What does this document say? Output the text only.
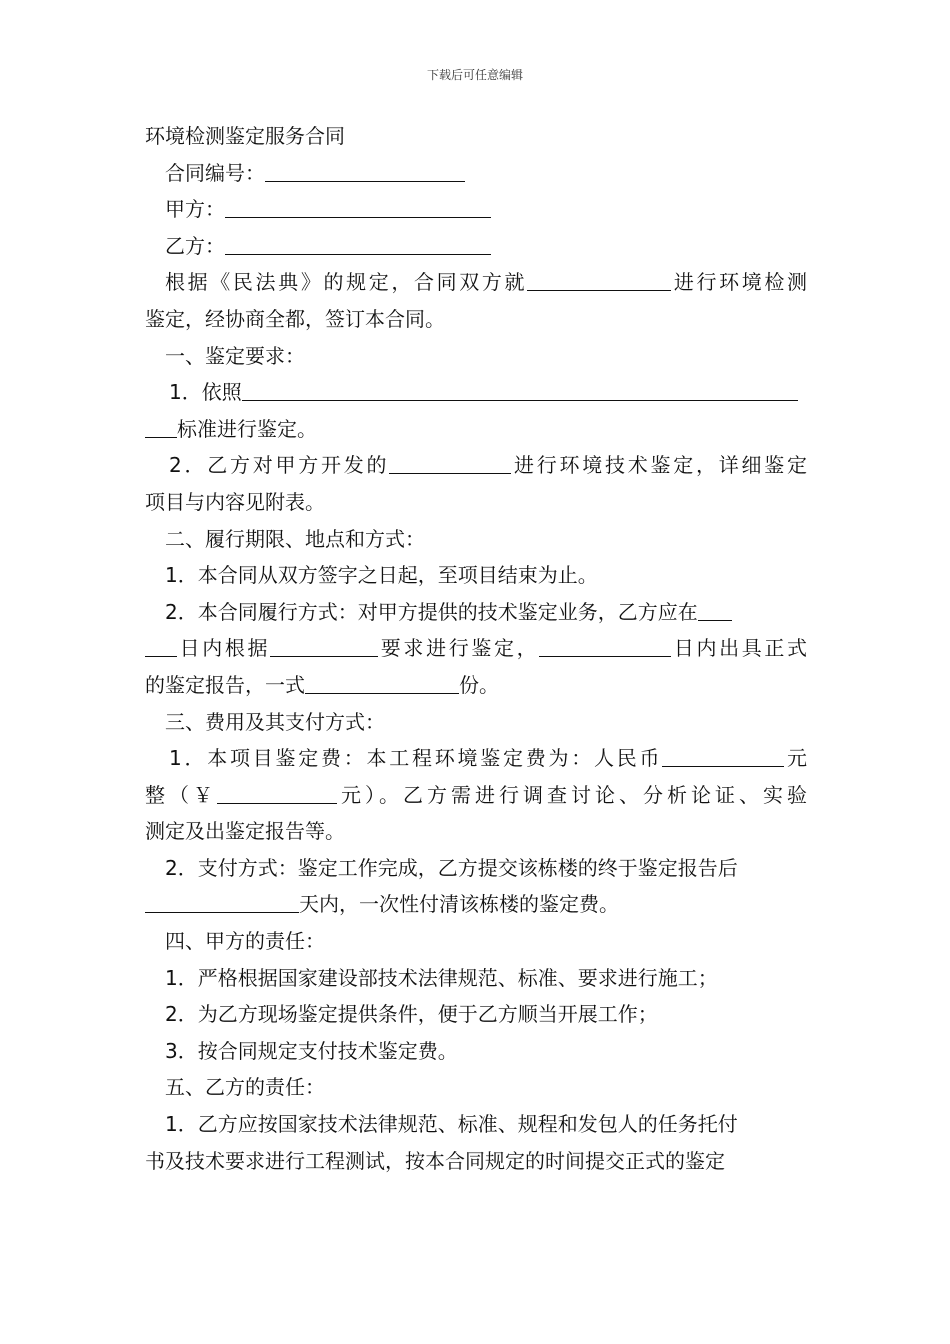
下载后可任意编辑
环境检测鉴定服务合同
合同编号：
甲方：
乙方：
根据《民法典》的规定，合同双方就	进行环境检测
鉴定，经协商全都，签订本合同。
一、鉴定要求：
1．依照
标准进行鉴定。
2．乙方对甲方开发的	进行环境技术鉴定，详细鉴定
项目与内容见附表。
二、履行期限、地点和方式：
1．本合同从双方签字之日起，至项目结束为止。
2．本合同履行方式：对甲方提供的技术鉴定业务，乙方应在
日内根据	要求进行鉴定，	日内出具正式
的鉴定报告，一式	份。
三、费用及其支付方式：
1．本项目鉴定费：本工程环境鉴定费为：人民币	元
整（￥	元）。乙方需进行调查讨论、分析论证、实验
测定及出鉴定报告等。
2．支付方式：鉴定工作完成，乙方提交该栋楼的终于鉴定报告后
天内，一次性付清该栋楼的鉴定费。
四、甲方的责任：
1．严格根据国家建设部技术法律规范、标准、要求进行施工；
2．为乙方现场鉴定提供条件，便于乙方顺当开展工作；
3．按合同规定支付技术鉴定费。
五、乙方的责任：
1．乙方应按国家技术法律规范、标准、规程和发包人的任务托付
书及技术要求进行工程测试，按本合同规定的时间提交正式的鉴定
